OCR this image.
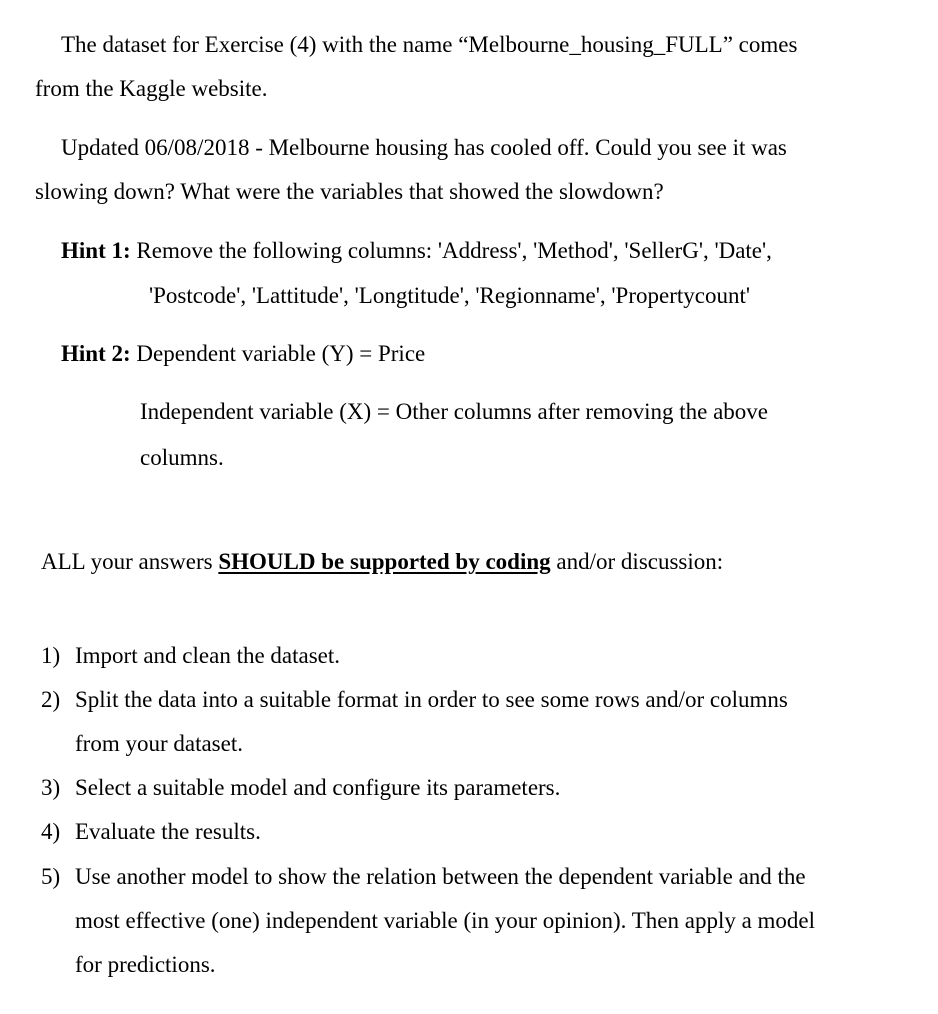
The dataset for Exercise (4) with the name “Melbourne_housing_FULL” comes
from the Kaggle website.
Updated 06/08/2018 - Melbourne housing has cooled off. Could you see it was
slowing down? What were the variables that showed the slowdown?
Hint 1: Remove the following columns: 'Address', 'Method', 'SellerG', 'Date',
'Postcode', 'Lattitude', 'Longtitude', 'Regionname', 'Propertycount'
Hint 2: Dependent variable (Y) = Price
Independent variable (X) = Other columns after removing the above
columns.
ALL your answers SHOULD be supported by coding and/or discussion:
1) Import and clean the dataset.
2) Split the data into a suitable format in order to see some rows and/or columns
from your dataset.
3) Select a suitable model and configure its parameters.
4) Evaluate the results.
5) Use another model to show the relation between the dependent variable and the
most effective (one) independent variable (in your opinion). Then apply a model
for predictions.
